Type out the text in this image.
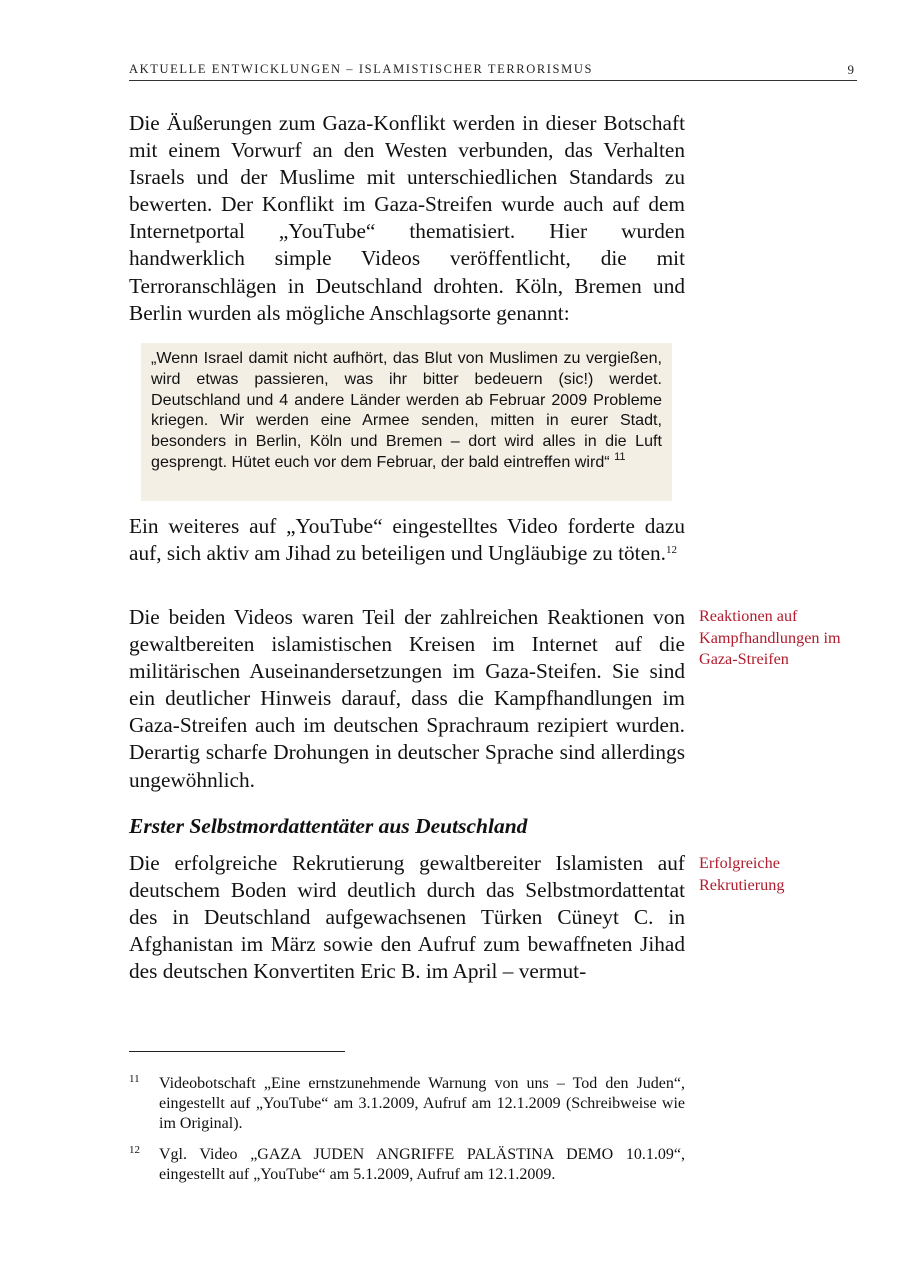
AKTUELLE ENTWICKLUNGEN – ISLAMISTISCHER TERRORISMUS	9

Die Äußerungen zum Gaza-Konflikt werden in dieser Botschaft mit einem Vorwurf an den Westen verbunden, das Verhalten Israels und der Muslime mit unterschiedlichen Standards zu bewerten. Der Konflikt im Gaza-Streifen wurde auch auf dem Internetportal „YouTube“ thematisiert. Hier wurden handwerklich simple Videos veröffentlicht, die mit Terroranschlägen in Deutschland drohten. Köln, Bremen und Berlin wurden als mögliche Anschlagsorte genannt:

„Wenn Israel damit nicht aufhört, das Blut von Muslimen zu vergießen, wird etwas passieren, was ihr bitter bedeuern (sic!) werdet. Deutschland und 4 andere Länder werden ab Februar 2009 Probleme kriegen. Wir werden eine Armee senden, mitten in eurer Stadt, besonders in Berlin, Köln und Bremen – dort wird alles in die Luft gesprengt. Hütet euch vor dem Februar, der bald eintreffen wird“ $^{11}$

Ein weiteres auf „YouTube“ eingestelltes Video forderte dazu auf, sich aktiv am Jihad zu beteiligen und Ungläubige zu töten.$^{12}$

Die beiden Videos waren Teil der zahlreichen Reaktionen von gewaltbereiten islamistischen Kreisen im Internet auf die militärischen Auseinandersetzungen im Gaza-Steifen. Sie sind ein deutlicher Hinweis darauf, dass die Kampfhandlungen im Gaza-Streifen auch im deutschen Sprachraum rezipiert wurden. Derartig scharfe Drohungen in deutscher Sprache sind allerdings ungewöhnlich.

Reaktionen auf Kampfhandlungen im Gaza-Streifen
Erster Selbstmordattentäter aus Deutschland

Die erfolgreiche Rekrutierung gewaltbereiter Islamisten auf deutschem Boden wird deutlich durch das Selbstmordattentat des in Deutschland aufgewachsenen Türken Cüneyt C. in Afghanistan im März sowie den Aufruf zum bewaffneten Jihad des deutschen Konvertiten Eric B. im April – vermut-

Erfolgreiche Rekrutierung
11 Videobotschaft „Eine ernstzunehmende Warnung von uns – Tod den Juden“, eingestellt auf „YouTube“ am 3.1.2009, Aufruf am 12.1.2009 (Schreibweise wie im Original).
12 Vgl. Video „GAZA JUDEN ANGRIFFE PALÄSTINA DEMO 10.1.09“, eingestellt auf „YouTube“ am 5.1.2009, Aufruf am 12.1.2009.
